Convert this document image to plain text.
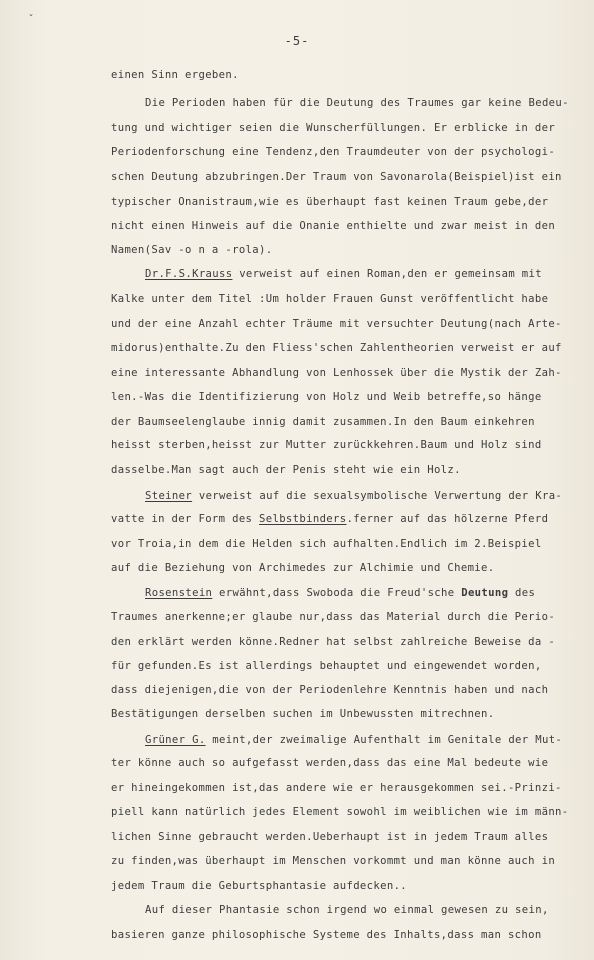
ˇ
-5-
einen Sinn ergeben.
Die Perioden haben für die Deutung des Traumes gar keine Bedeu-
tung und wichtiger seien die Wunscherfüllungen. Er erblicke in der
Periodenforschung eine Tendenz,den Traumdeuter von der psychologi-
schen Deutung abzubringen.Der Traum von Savonarola(Beispiel)ist ein
typischer Onanistraum,wie es überhaupt fast keinen Traum gebe,der
nicht einen Hinweis auf die Onanie enthielte und zwar meist in den
Namen(Sav -o n a -rola).
Dr.F.S.Krauss verweist auf einen Roman,den er gemeinsam mit
Kalke unter dem Titel :Um holder Frauen Gunst veröffentlicht habe
und der eine Anzahl echter Träume mit versuchter Deutung(nach Arte-
midorus)enthalte.Zu den Fliess'schen Zahlentheorien verweist er auf
eine interessante Abhandlung von Lenhossek über die Mystik der Zah-
len.-Was die Identifizierung von Holz und Weib betreffe,so hänge
der Baumseelenglaube innig damit zusammen.In den Baum einkehren
heisst sterben,heisst zur Mutter zurückkehren.Baum und Holz sind
dasselbe.Man sagt auch der Penis steht wie ein Holz.
Steiner verweist auf die sexualsymbolische Verwertung der Kra-
vatte in der Form des Selbstbinders.ferner auf das hölzerne Pferd
vor Troia,in dem die Helden sich aufhalten.Endlich im 2.Beispiel
auf die Beziehung von Archimedes zur Alchimie und Chemie.
Rosenstein erwähnt,dass Swoboda die Freud'sche Deutung des
Traumes anerkenne;er glaube nur,dass das Material durch die Perio-
den erklärt werden könne.Redner hat selbst zahlreiche Beweise da -
für gefunden.Es ist allerdings behauptet und eingewendet worden,
dass diejenigen,die von der Periodenlehre Kenntnis haben und nach
Bestätigungen derselben suchen im Unbewussten mitrechnen.
Grüner G. meint,der zweimalige Aufenthalt im Genitale der Mut-
ter könne auch so aufgefasst werden,dass das eine Mal bedeute wie
er hineingekommen ist,das andere wie er herausgekommen sei.-Prinzi-
piell kann natürlich jedes Element sowohl im weiblichen wie im männ-
lichen Sinne gebraucht werden.Ueberhaupt ist in jedem Traum alles
zu finden,was überhaupt im Menschen vorkommt und man könne auch in
jedem Traum die Geburtsphantasie aufdecken..
Auf dieser Phantasie schon irgend wo einmal gewesen zu sein,
basieren ganze philosophische Systeme des Inhalts,dass man schon
